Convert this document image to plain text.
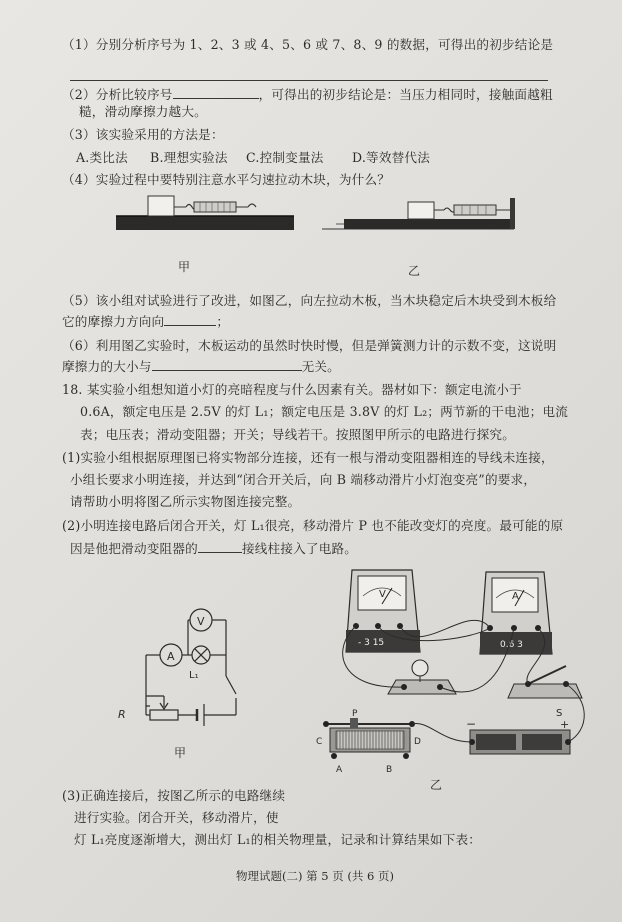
（1）分别分析序号为 1、2、3 或 4、5、6 或 7、8、9 的数据，可得出的初步结论是
（2）分析比较序号	，可得出的初步结论是：当压力相同时，接触面越粗
糙，滑动摩擦力越大。
（3）该实验采用的方法是：
A.类比法 B.理想实验法 C.控制变量法 D.等效替代法
（4）实验过程中要特别注意水平匀速拉动木块，为什么？
甲	乙
（5）该小组对试验进行了改进，如图乙，向左拉动木板，当木块稳定后木块受到木板给
它的摩擦力方向向	；
（6）利用图乙实验时，木板运动的虽然时快时慢，但是弹簧测力计的示数不变，这说明
摩擦力的大小与	无关。
18. 某实验小组想知道小灯的亮暗程度与什么因素有关。器材如下：额定电流小于
0.6A，额定电压是 2.5V 的灯 L₁；额定电压是 3.8V 的灯 L₂；两节新的干电池；电流
表；电压表；滑动变阻器；开关；导线若干。按照图甲所示的电路进行探究。
(1)实验小组根据原理图已将实物部分连接，还有一根与滑动变阻器相连的导线未连接，
小组长要求小明连接，并达到“闭合开关后，向 B 端移动滑片小灯泡变亮”的要求，
请帮助小明将图乙所示实物图连接完整。
(2)小明连接电路后闭合开关，灯 L₁很亮，移动滑片 P 也不能改变灯的亮度。最可能的原
因是他把滑动变阻器的	接线柱接入了电路。
A
V
L₁
R
甲
V
- 3 15
A
0.6 3
S
−	+
P
C	D
A	B
乙
(3)正确连接后，按图乙所示的电路继续
进行实验。闭合开关，移动滑片，使
灯 L₁亮度逐渐增大，测出灯 L₁的相关物理量，记录和计算结果如下表：
物理试题(二) 第 5 页 (共 6 页)
